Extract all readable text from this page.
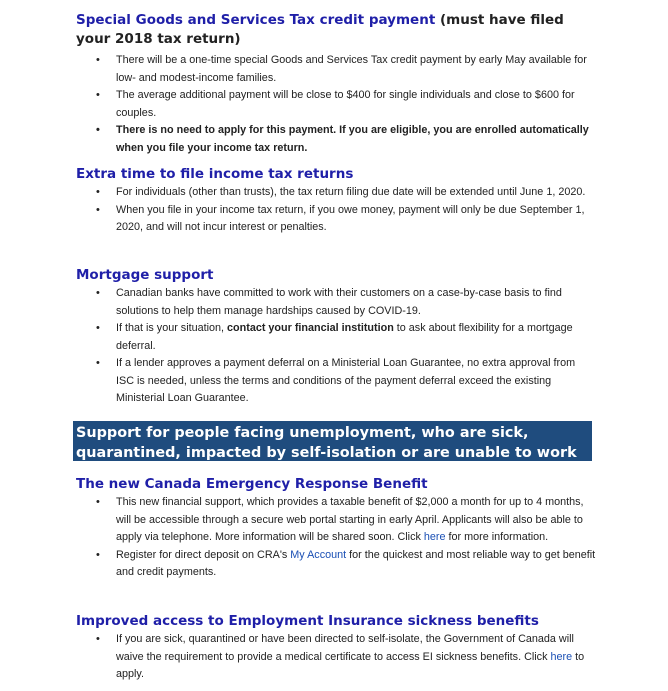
Special Goods and Services Tax credit payment (must have filed your 2018 tax return)
• There will be a one-time special Goods and Services Tax credit payment by early May available for low- and modest-income families.
• The average additional payment will be close to $400 for single individuals and close to $600 for couples.
• There is no need to apply for this payment. If you are eligible, you are enrolled automatically when you file your income tax return.
Extra time to file income tax returns
• For individuals (other than trusts), the tax return filing due date will be extended until June 1, 2020.
• When you file in your income tax return, if you owe money, payment will only be due September 1, 2020, and will not incur interest or penalties.
Mortgage support
• Canadian banks have committed to work with their customers on a case-by-case basis to find solutions to help them manage hardships caused by COVID-19.
• If that is your situation, contact your financial institution to ask about flexibility for a mortgage deferral.
• If a lender approves a payment deferral on a Ministerial Loan Guarantee, no extra approval from ISC is needed, unless the terms and conditions of the payment deferral exceed the existing Ministerial Loan Guarantee.
Support for people facing unemployment, who are sick, quarantined, impacted by self-isolation or are unable to work
The new Canada Emergency Response Benefit
• This new financial support, which provides a taxable benefit of $2,000 a month for up to 4 months, will be accessible through a secure web portal starting in early April. Applicants will also be able to apply via telephone. More information will be shared soon. Click here for more information.
• Register for direct deposit on CRA's My Account for the quickest and most reliable way to get benefit and credit payments.
Improved access to Employment Insurance sickness benefits
• If you are sick, quarantined or have been directed to self-isolate, the Government of Canada will waive the requirement to provide a medical certificate to access EI sickness benefits. Click here to apply.
